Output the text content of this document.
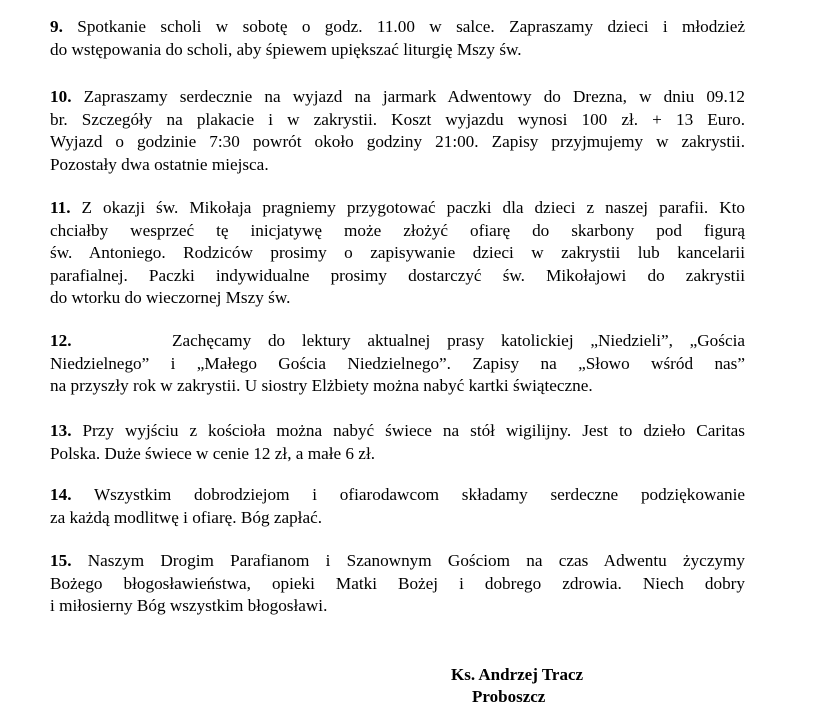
9. Spotkanie scholi w sobotę o godz. 11.00 w salce. Zapraszamy dzieci i młodzież
do wstępowania do scholi, aby śpiewem upiększać liturgię Mszy św.
10. Zapraszamy serdecznie na wyjazd na jarmark Adwentowy do Drezna, w dniu 09.12
br. Szczegóły na plakacie i w zakrystii. Koszt wyjazdu wynosi 100 zł. + 13 Euro.
Wyjazd o godzinie 7:30 powrót około godziny 21:00. Zapisy przyjmujemy w zakrystii.
Pozostały dwa ostatnie miejsca.
11. Z okazji św. Mikołaja pragniemy przygotować paczki dla dzieci z naszej parafii. Kto
chciałby wesprzeć tę inicjatywę może złożyć ofiarę do skarbony pod figurą
św. Antoniego. Rodziców prosimy o zapisywanie dzieci w zakrystii lub kancelarii
parafialnej. Paczki indywidualne prosimy dostarczyć św. Mikołajowi do zakrystii
do wtorku do wieczornej Mszy św.
12.	Zachęcamy do lektury aktualnej prasy katolickiej „Niedzieli”, „Gościa
Niedzielnego” i „Małego Gościa Niedzielnego”. Zapisy na „Słowo wśród nas”
na przyszły rok w zakrystii. U siostry Elżbiety można nabyć kartki świąteczne.
13. Przy wyjściu z kościoła można nabyć świece na stół wigilijny. Jest to dzieło Caritas
Polska. Duże świece w cenie 12 zł, a małe 6 zł.
14. Wszystkim dobrodziejom i ofiarodawcom składamy serdeczne podziękowanie
za każdą modlitwę i ofiarę. Bóg zapłać.
15. Naszym Drogim Parafianom i Szanownym Gościom na czas Adwentu życzymy
Bożego błogosławieństwa, opieki Matki Bożej i dobrego zdrowia. Niech dobry
i miłosierny Bóg wszystkim błogosławi.
Ks. Andrzej Tracz
Proboszcz
